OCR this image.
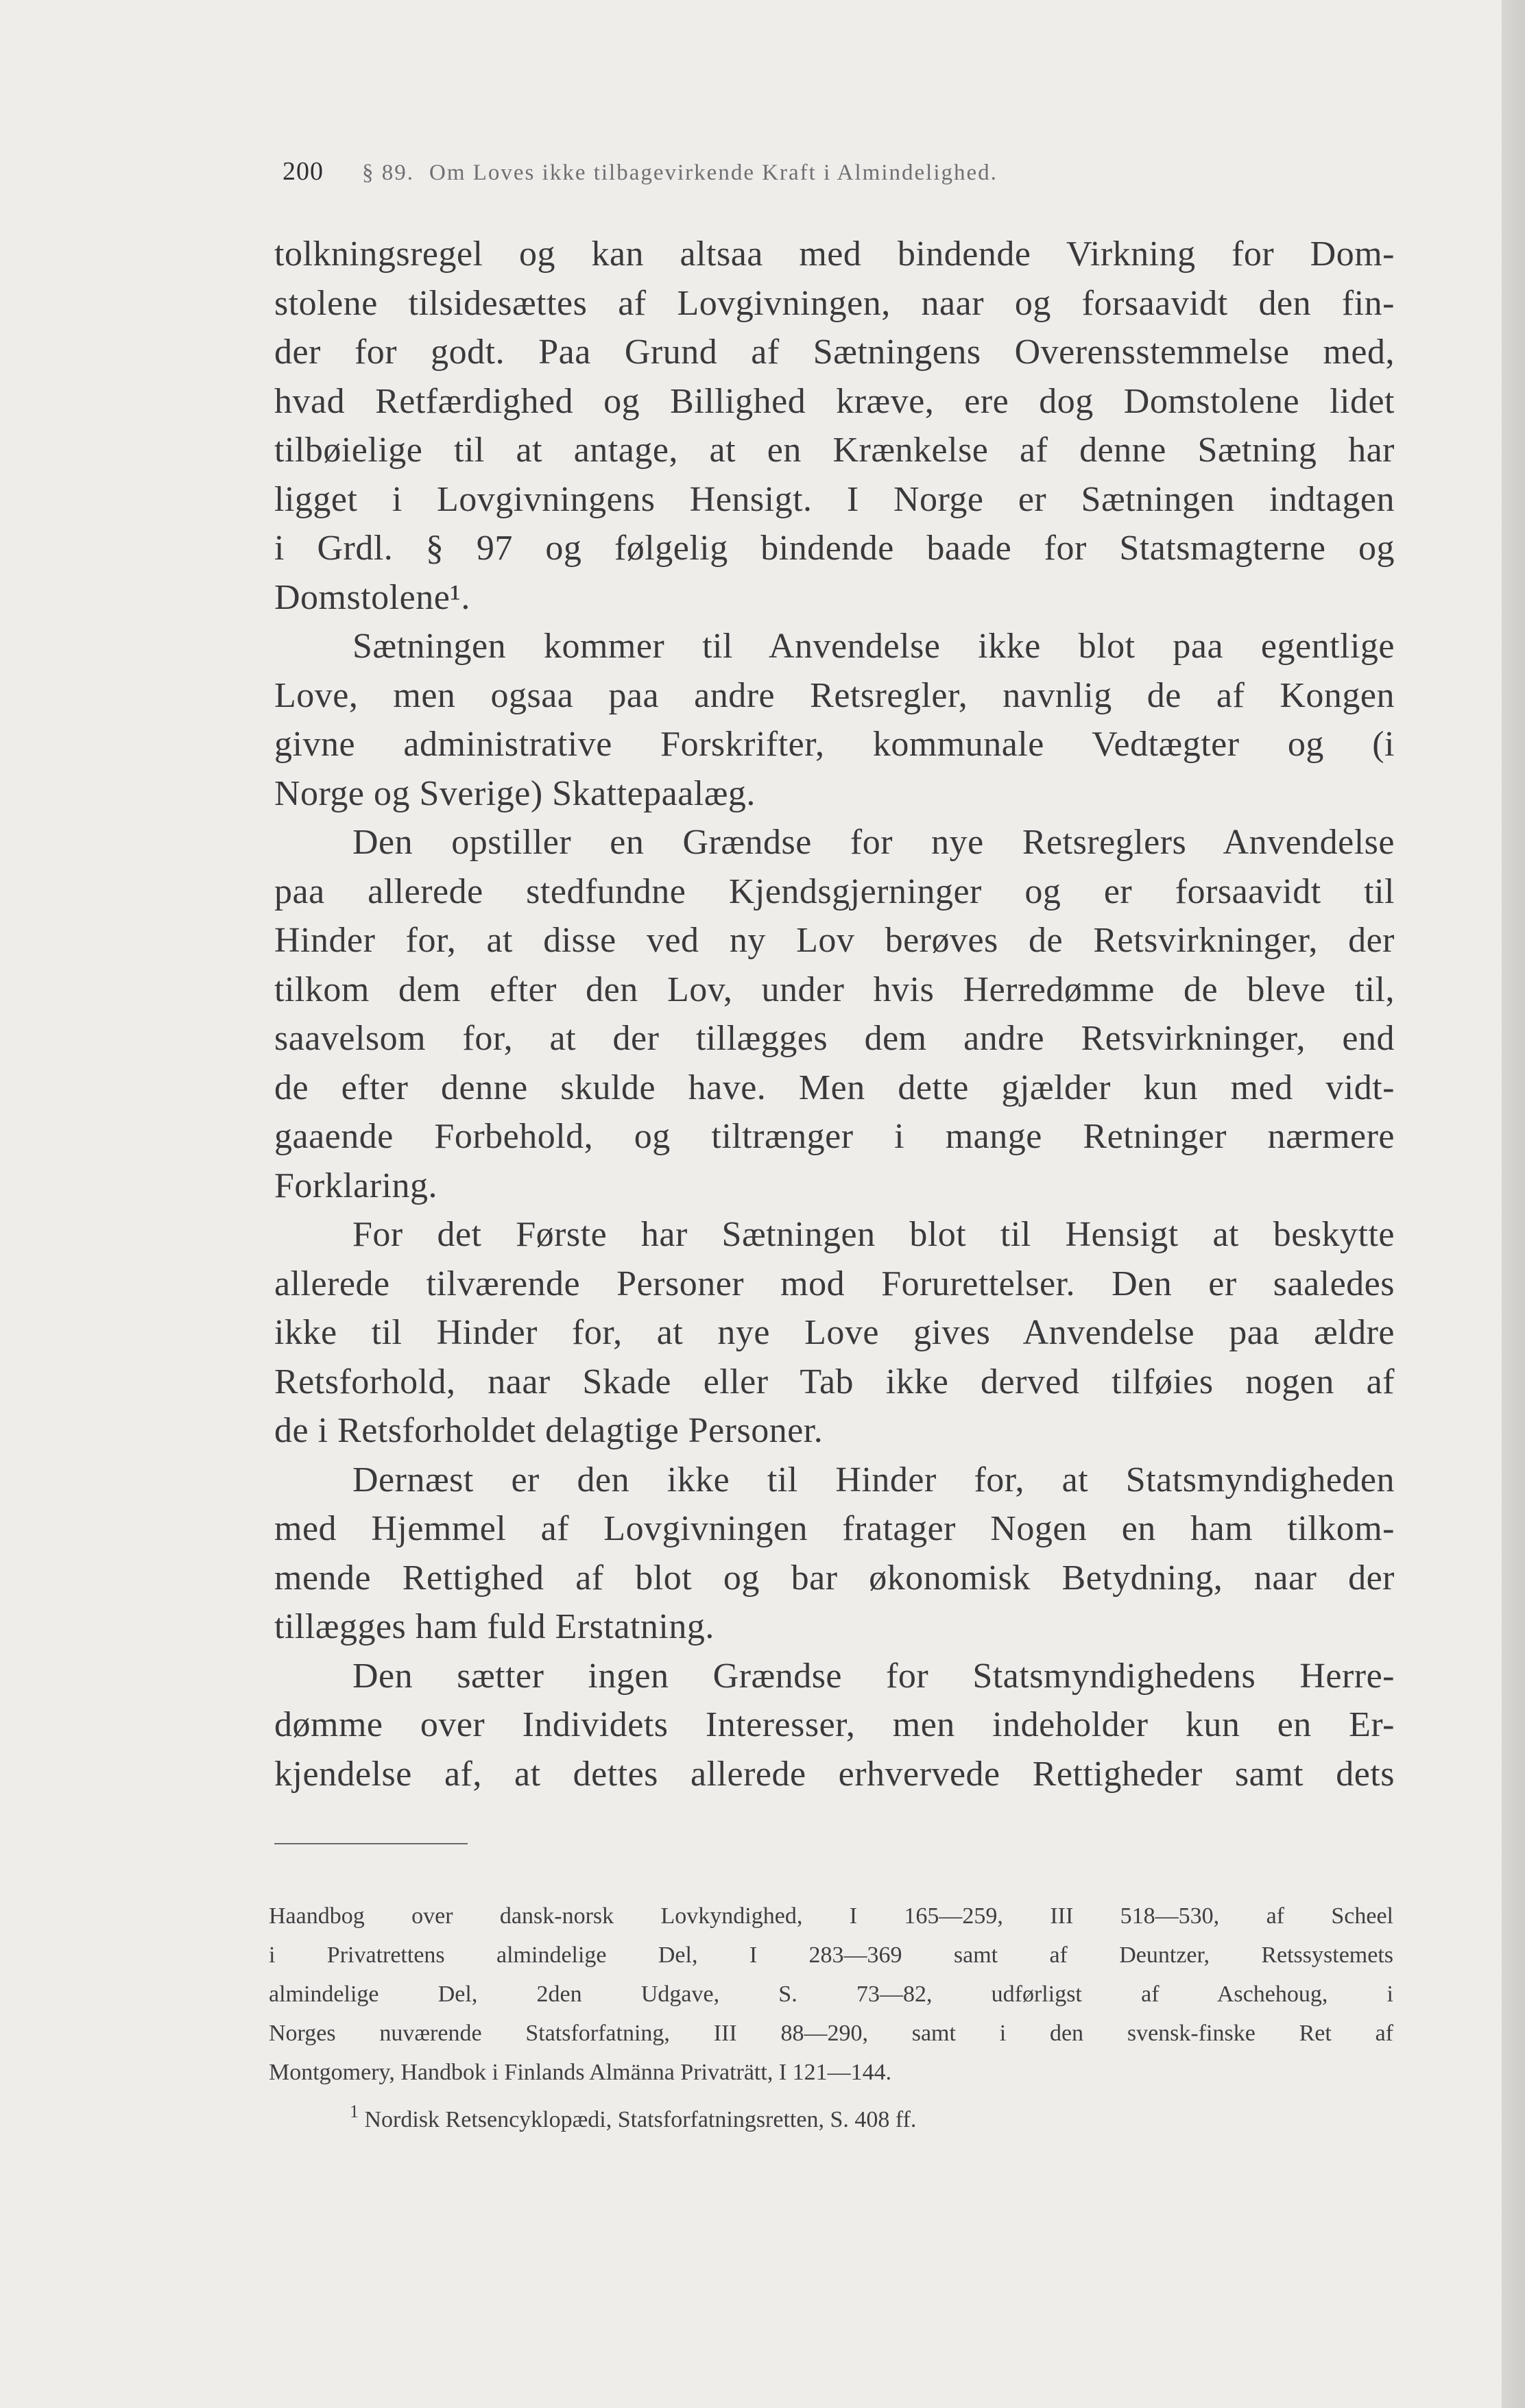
200 § 89. Om Loves ikke tilbagevirkende Kraft i Almindelighed.
tolkningsregel og kan altsaa med bindende Virkning for Dom-
stolene tilsidesættes af Lovgivningen, naar og forsaavidt den fin-
der for godt. Paa Grund af Sætningens Overensstemmelse med,
hvad Retfærdighed og Billighed kræve, ere dog Domstolene lidet
tilbøielige til at antage, at en Krænkelse af denne Sætning har
ligget i Lovgivningens Hensigt. I Norge er Sætningen indtagen
i Grdl. § 97 og følgelig bindende baade for Statsmagterne og
Domstolene¹.
Sætningen kommer til Anvendelse ikke blot paa egentlige
Love, men ogsaa paa andre Retsregler, navnlig de af Kongen
givne administrative Forskrifter, kommunale Vedtægter og (i
Norge og Sverige) Skattepaalæg.
Den opstiller en Grændse for nye Retsreglers Anvendelse
paa allerede stedfundne Kjendsgjerninger og er forsaavidt til
Hinder for, at disse ved ny Lov berøves de Retsvirkninger, der
tilkom dem efter den Lov, under hvis Herredømme de bleve til,
saavelsom for, at der tillægges dem andre Retsvirkninger, end
de efter denne skulde have. Men dette gjælder kun med vidt-
gaaende Forbehold, og tiltrænger i mange Retninger nærmere
Forklaring.
For det Første har Sætningen blot til Hensigt at beskytte
allerede tilværende Personer mod Forurettelser. Den er saaledes
ikke til Hinder for, at nye Love gives Anvendelse paa ældre
Retsforhold, naar Skade eller Tab ikke derved tilføies nogen af
de i Retsforholdet delagtige Personer.
Dernæst er den ikke til Hinder for, at Statsmyndigheden
med Hjemmel af Lovgivningen fratager Nogen en ham tilkom-
mende Rettighed af blot og bar økonomisk Betydning, naar der
tillægges ham fuld Erstatning.
Den sætter ingen Grændse for Statsmyndighedens Herre-
dømme over Individets Interesser, men indeholder kun en Er-
kjendelse af, at dettes allerede erhvervede Rettigheder samt dets
Haandbog over dansk-norsk Lovkyndighed, I 165—259, III 518—530, af Scheel
i Privatrettens almindelige Del, I 283—369 samt af Deuntzer, Retssystemets
almindelige Del, 2den Udgave, S. 73—82, udførligst af Aschehoug, i
Norges nuværende Statsforfatning, III 88—290, samt i den svensk-finske Ret af
Montgomery, Handbok i Finlands Almänna Privaträtt, I 121—144.
$^1$ Nordisk Retsencyklopædi, Statsforfatningsretten, S. 408 ff.
